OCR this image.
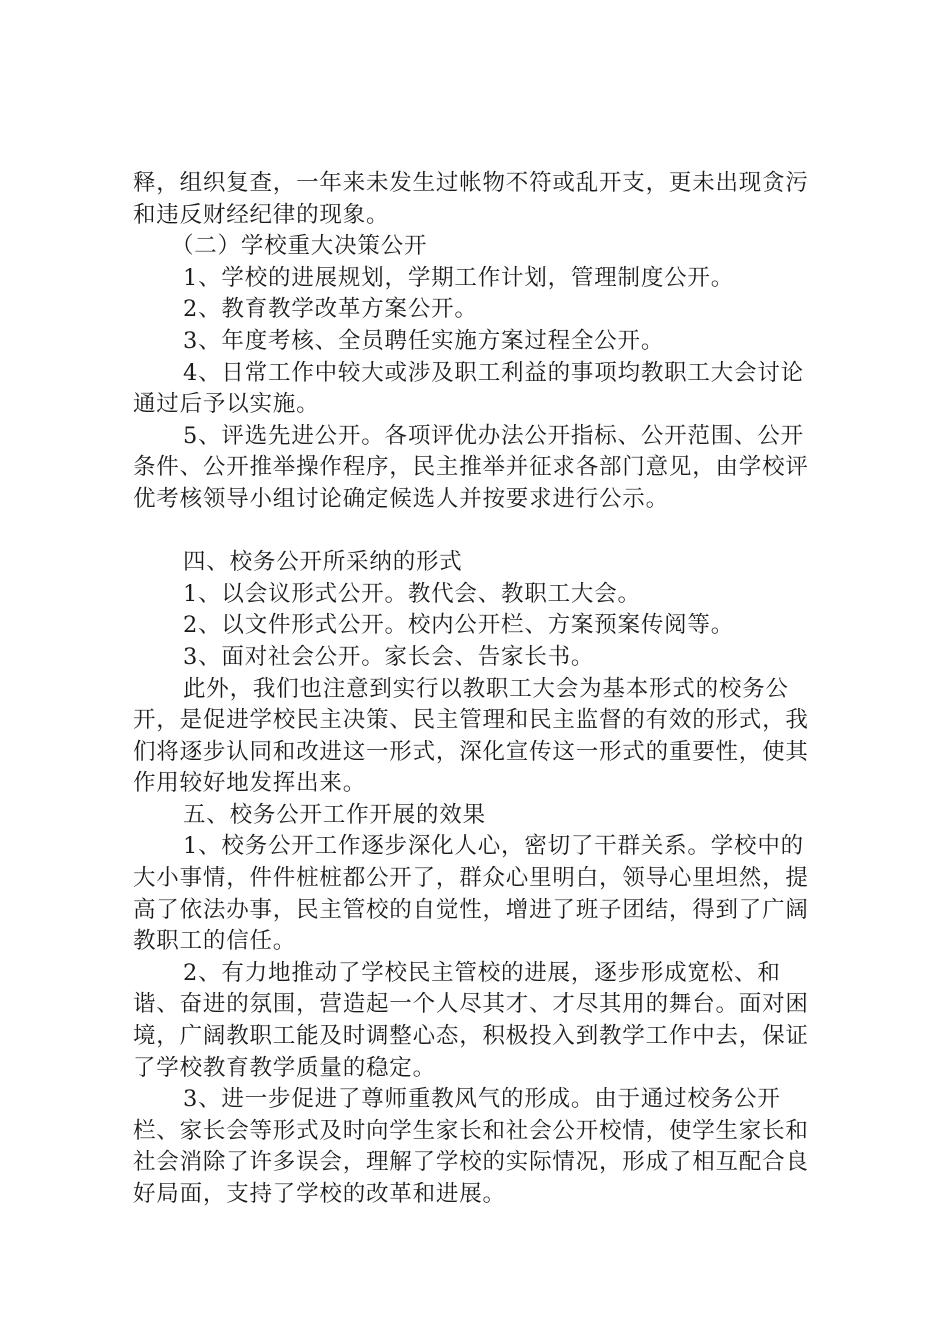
释，组织复查，一年来未发生过帐物不符或乱开支，更未出现贪污和违反财经纪律的现象。

（二）学校重大决策公开

1、学校的进展规划，学期工作计划，管理制度公开。

2、教育教学改革方案公开。

3、年度考核、全员聘任实施方案过程全公开。

4、日常工作中较大或涉及职工利益的事项均教职工大会讨论通过后予以实施。

5、评选先进公开。各项评优办法公开指标、公开范围、公开条件、公开推举操作程序，民主推举并征求各部门意见，由学校评优考核领导小组讨论确定候选人并按要求进行公示。

四、校务公开所采纳的形式

1、以会议形式公开。教代会、教职工大会。

2、以文件形式公开。校内公开栏、方案预案传阅等。

3、面对社会公开。家长会、告家长书。

此外，我们也注意到实行以教职工大会为基本形式的校务公开，是促进学校民主决策、民主管理和民主监督的有效的形式，我们将逐步认同和改进这一形式，深化宣传这一形式的重要性，使其作用较好地发挥出来。

五、校务公开工作开展的效果

1、校务公开工作逐步深化人心，密切了干群关系。学校中的大小事情，件件桩桩都公开了，群众心里明白，领导心里坦然，提高了依法办事，民主管校的自觉性，增进了班子团结，得到了广阔教职工的信任。

2、有力地推动了学校民主管校的进展，逐步形成宽松、和谐、奋进的氛围，营造起一个人尽其才、才尽其用的舞台。面对困境，广阔教职工能及时调整心态，积极投入到教学工作中去，保证了学校教育教学质量的稳定。

3、进一步促进了尊师重教风气的形成。由于通过校务公开栏、家长会等形式及时向学生家长和社会公开校情，使学生家长和社会消除了许多误会，理解了学校的实际情况，形成了相互配合良好局面，支持了学校的改革和进展。
